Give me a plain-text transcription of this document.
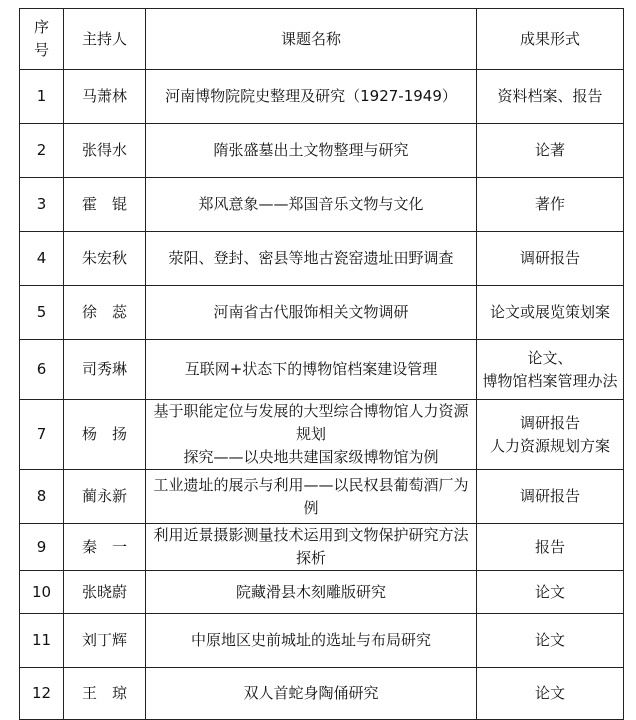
序
号	主持人	课题名称	成果形式
1	马萧林	河南博物院院史整理及研究（1927-1949）	资料档案、报告

2	张得水	隋张盛墓出土文物整理与研究	论著

3	霍　锟	郑风意象——郑国音乐文物与文化	著作

4	朱宏秋	荥阳、登封、密县等地古瓷窑遗址田野调查	调研报告

5	徐　蕊	河南省古代服饰相关文物调研	论文或展览策划案

6	司秀琳	互联网+状态下的博物馆档案建设管理	论文、
博物馆档案管理办法

7	杨　扬	基于职能定位与发展的大型综合博物馆人力资源规划
探究——以央地共建国家级博物馆为例	调研报告
人力资源规划方案

8	蔺永新	工业遗址的展示与利用——以民权县葡萄酒厂为例	调研报告

9	秦　一	利用近景摄影测量技术运用到文物保护研究方法探析	报告

10	张晓蔚	院藏滑县木刻雕版研究	论文

11	刘丁辉	中原地区史前城址的选址与布局研究	论文

12	王　琼	双人首蛇身陶俑研究	论文
